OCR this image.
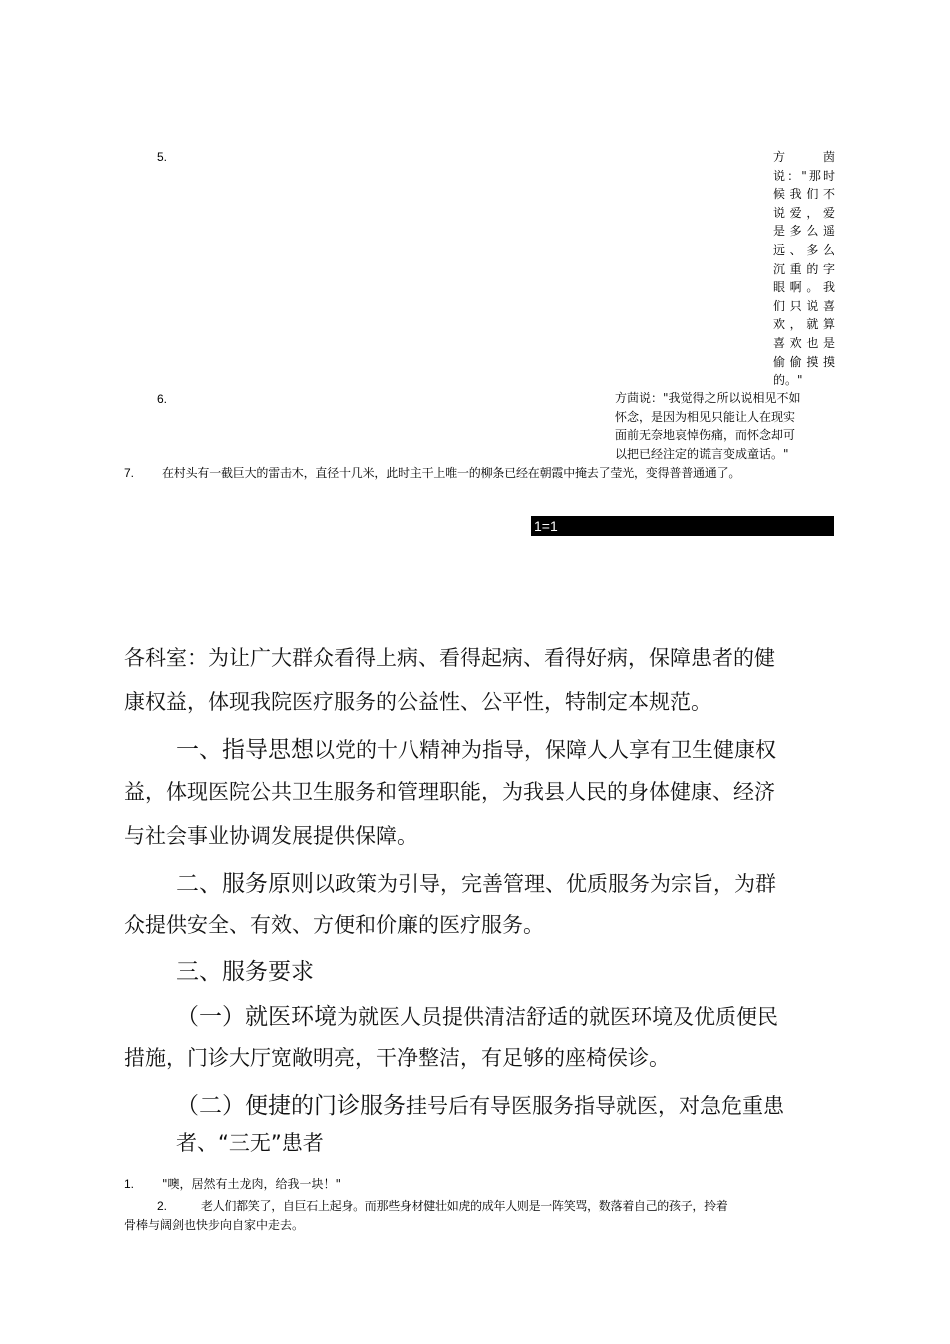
5.	方　　茵
说："那时
候我们不
说爱，爱
是多么遥
远、多么
沉重的字
眼啊。我
们只说喜
欢，就算
喜欢也是
偷偷摸摸
的。"
6.	方茴说："我觉得之所以说相见不如
怀念，是因为相见只能让人在现实
面前无奈地哀悼伤痛，而怀念却可
以把已经注定的谎言变成童话。"
7. 在村头有一截巨大的雷击木，直径十几米，此时主干上唯一的柳条已经在朝霞中掩去了莹光，变得普普通通了。
1=1
各科室：为让广大群众看得上病、看得起病、看得好病，保障患者的健
康权益，体现我院医疗服务的公益性、公平性，特制定本规范。
一、指导思想以党的十八精神为指导，保障人人享有卫生健康权
益，体现医院公共卫生服务和管理职能，为我县人民的身体健康、经济
与社会事业协调发展提供保障。
二、服务原则以政策为引导，完善管理、优质服务为宗旨，为群
众提供安全、有效、方便和价廉的医疗服务。
三、服务要求
（一）就医环境为就医人员提供清洁舒适的就医环境及优质便民
措施，门诊大厅宽敞明亮，干净整洁，有足够的座椅侯诊。
（二）便捷的门诊服务挂号后有导医服务指导就医，对急危重患
者、“三无”患者
1. "噢，居然有土龙肉，给我一块！"
2.	老人们都笑了，自巨石上起身。而那些身材健壮如虎的成年人则是一阵笑骂，数落着自己的孩子，拎着
骨棒与阔剑也快步向自家中走去。
